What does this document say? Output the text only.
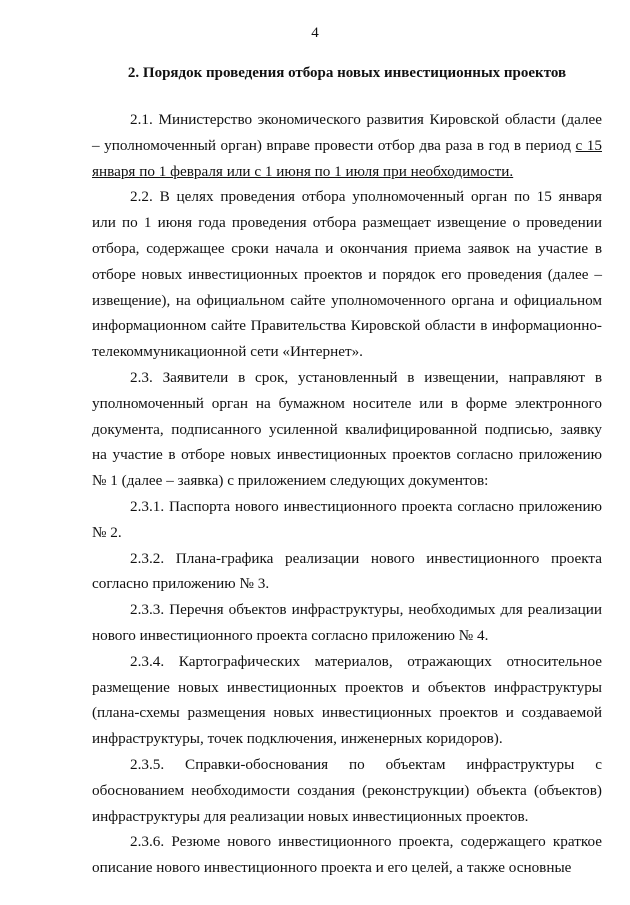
4
2. Порядок проведения отбора новых инвестиционных проектов

2.1. Министерство экономического развития Кировской области (далее – уполномоченный орган) вправе провести отбор два раза в год в период с 15 января по 1 февраля или с 1 июня по 1 июля при необходимости.

2.2. В целях проведения отбора уполномоченный орган по 15 января или по 1 июня года проведения отбора размещает извещение о проведении отбора, содержащее сроки начала и окончания приема заявок на участие в отборе новых инвестиционных проектов и порядок его проведения (далее – извещение), на официальном сайте уполномоченного органа и официальном информационном сайте Правительства Кировской области в информационно-телекоммуникационной сети «Интернет».

2.3. Заявители в срок, установленный в извещении, направляют в уполномоченный орган на бумажном носителе или в форме электронного документа, подписанного усиленной квалифицированной подписью, заявку на участие в отборе новых инвестиционных проектов согласно приложению № 1 (далее – заявка) с приложением следующих документов:

2.3.1. Паспорта нового инвестиционного проекта согласно приложению № 2.

2.3.2. Плана-графика реализации нового инвестиционного проекта согласно приложению № 3.

2.3.3. Перечня объектов инфраструктуры, необходимых для реализации нового инвестиционного проекта согласно приложению № 4.

2.3.4. Картографических материалов, отражающих относительное размещение новых инвестиционных проектов и объектов инфраструктуры (плана-схемы размещения новых инвестиционных проектов и создаваемой инфраструктуры, точек подключения, инженерных коридоров).

2.3.5. Справки-обоснования по объектам инфраструктуры с обоснованием необходимости создания (реконструкции) объекта (объектов) инфраструктуры для реализации новых инвестиционных проектов.

2.3.6. Резюме нового инвестиционного проекта, содержащего краткое описание нового инвестиционного проекта и его целей, а также основные
